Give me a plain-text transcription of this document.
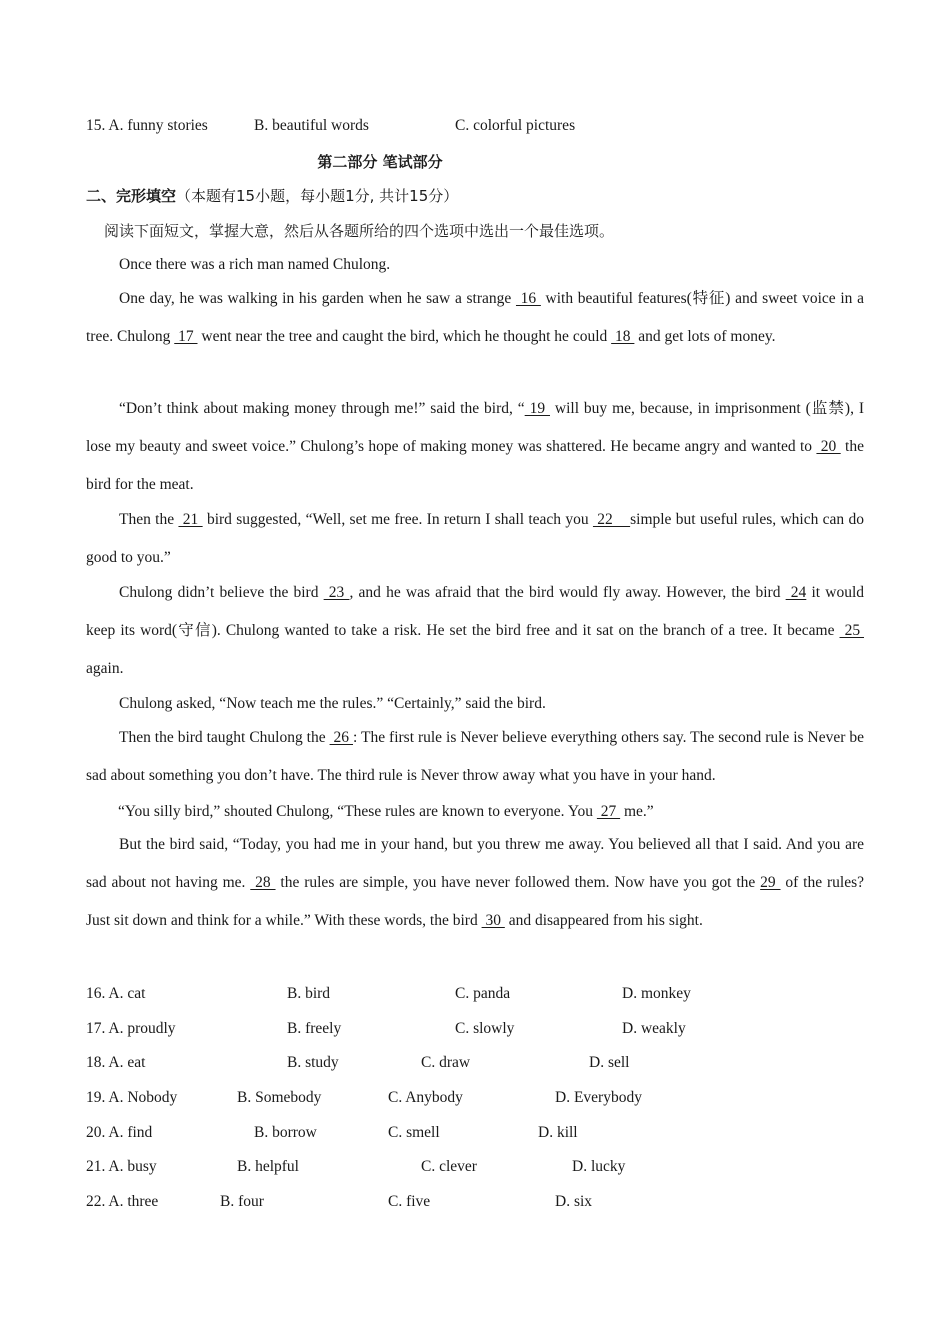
15. A. funny stories	B. beautiful words	C. colorful pictures
第二部分 笔试部分
二、完形填空（本题有15小题，每小题1分, 共计15分）
阅读下面短文，掌握大意，然后从各题所给的四个选项中选出一个最佳选项。
Once there was a rich man named Chulong.
One day, he was walking in his garden when he saw a strange  16  with beautiful features(特征) and sweet voice in a tree. Chulong  17  went near the tree and caught the bird, which he thought he could  18  and get lots of money.
“Don’t think about making money through me!” said the bird, “ 19  will buy me, because, in imprisonment (监禁), I lose my beauty and sweet voice.” Chulong’s hope of making money was shattered. He became angry and wanted to  20  the bird for the meat.
Then the  21  bird suggested, “Well, set me free. In return I shall teach you  22    simple but useful rules, which can do good to you.”
Chulong didn’t believe the bird  23 , and he was afraid that the bird would fly away. However, the bird  24 it would keep its word(守信). Chulong wanted to take a risk. He set the bird free and it sat on the branch of a tree. It became  25  again.
Chulong asked, “Now teach me the rules.” “Certainly,” said the bird.
Then the bird taught Chulong the  26 : The first rule is Never believe everything others say. The second rule is Never be sad about something you don’t have. The third rule is Never throw away what you have in your hand.
“You silly bird,” shouted Chulong, “These rules are known to everyone. You  27  me.”
But the bird said, “Today, you had me in your hand, but you threw me away. You believed all that I said. And you are sad about not having me.  28  the rules are simple, you have never followed them. Now have you got the 29  of the rules? Just sit down and think for a while.” With these words, the bird  30  and disappeared from his sight.
16. A. cat	B. bird	C. panda	D. monkey
17. A. proudly	B. freely	C. slowly	D. weakly
18. A. eat	B. study	C. draw	D. sell
19. A. Nobody	B. Somebody	C. Anybody	D. Everybody
20. A. find	B. borrow	C. smell	D. kill
21. A. busy	B. helpful	C. clever	D. lucky
22. A. three	B. four	C. five	D. six
